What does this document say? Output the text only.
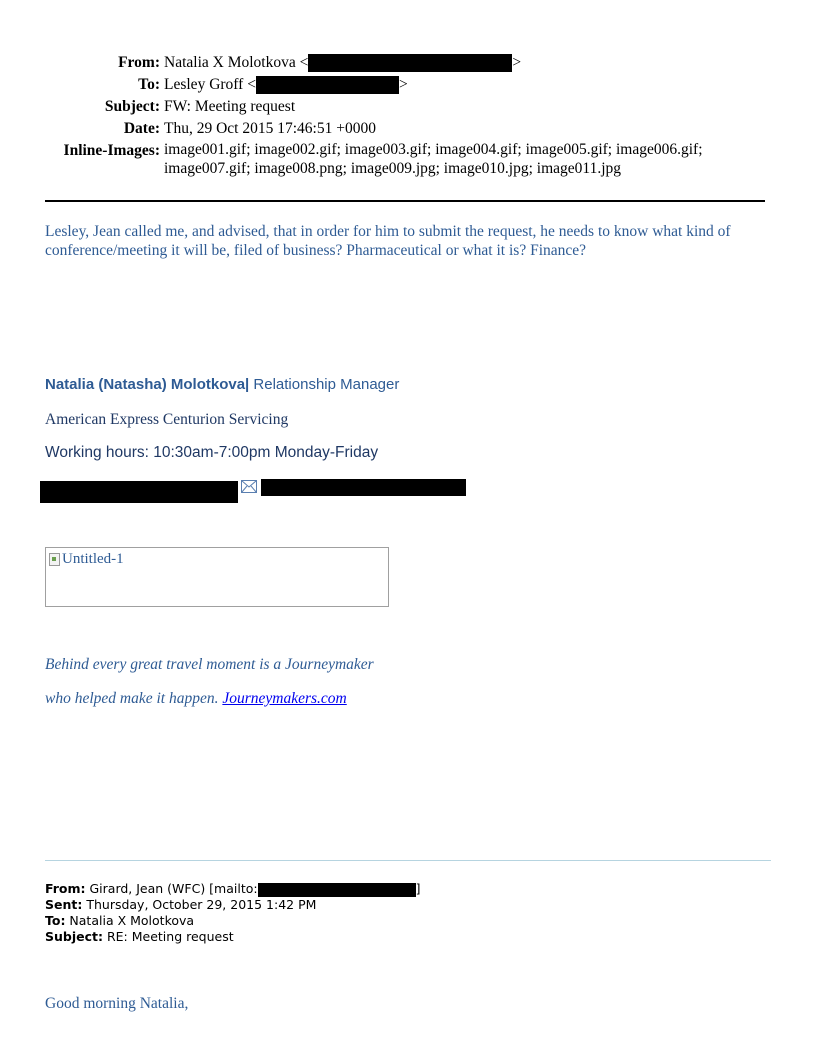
From: Natalia X Molotkova <	>
To: Lesley Groff <	>
Subject: FW: Meeting request
Date: Thu, 29 Oct 2015 17:46:51 +0000
Inline-Images: image001.gif; image002.gif; image003.gif; image004.gif; image005.gif; image006.gif;
image007.gif; image008.png; image009.jpg; image010.jpg; image011.jpg
Lesley, Jean called me, and advised, that in order for him to submit the request, he needs to know what kind of conference/meeting it will be, filed of business? Pharmaceutical or what it is? Finance?
Natalia (Natasha) Molotkova| Relationship Manager
American Express Centurion Servicing
Working hours: 10:30am-7:00pm Monday-Friday
Untitled-1
Behind every great travel moment is a Journeymaker
who helped make it happen. Journeymakers.com
From: Girard, Jean (WFC) [mailto:	]
Sent: Thursday, October 29, 2015 1:42 PM
To: Natalia X Molotkova
Subject: RE: Meeting request
Good morning Natalia,
